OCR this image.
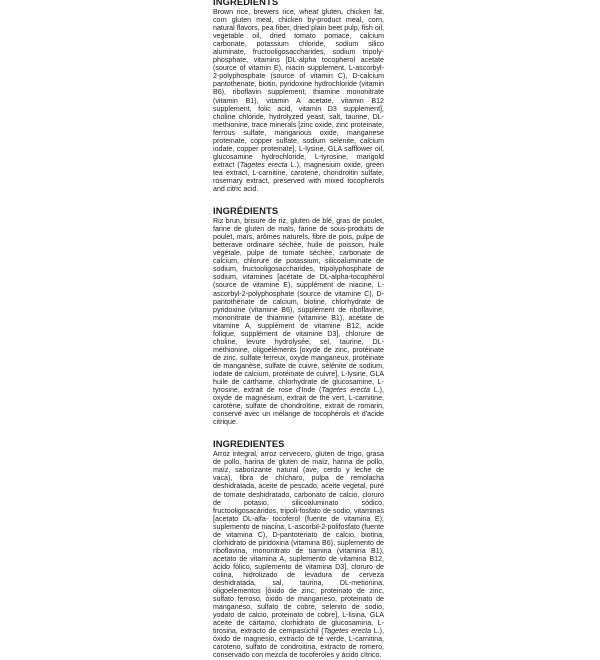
INGREDIENTS

Brown rice, brewers rice, wheat gluten, chicken fat, corn gluten meal, chicken by-product meal, corn, natural flavors, pea fiber, dried plain beet pulp, fish oil, vegetable oil, dried tomato pomace, calcium carbonate, potassium chloride, sodium silico aluminate, fructooligosaccharides, sodium tripoly-phosphate, vitamins [DL-alpha tocopherol acetate (source of vitamin E), niacin supplement, L-ascorbyl-2-polyphosphate (source of vitamin C), D-calcium pantothenate, biotin, pyridoxine hydrochloride (vitamin B6), riboflavin supplement, thiamine mononitrate (vitamin B1), vitamin A acetate, vitamin B12 supplement, folic acid, vitamin D3 supplement], choline chloride, hydrolyzed yeast, salt, taurine, DL-methionine, trace minerals [zinc oxide, zinc proteinate, ferrous sulfate, manganous oxide, manganese proteinate, copper sulfate, sodium selenite, calcium iodate, copper proteinate], L-lysine, GLA safflower oil, glucosamine hydrochloride, L-tyrosine, marigold extract (Tagetes erecta L.), magnesium oxide, green tea extract, L-carnitine, carotene, chondroitin sulfate, rosemary extract, preserved with mixed tocopherols and citric acid.

INGRÉDIENTS

Riz brun, brisure de riz, gluten de blé, gras de poulet, farine de gluten de maïs, farine de sous-produits de poulet, maïs, arômes naturels, fibre de pois, pulpe de betterave ordinaire séchée, huile de poisson, huile végétale, pulpe de tomate séchée, carbonate de calcium, chlorure de potassium, silicoaluminate de sodium, fructooligosaccharides, tripolyphosphate de sodium, vitamines [acétate de DL-alpha-tocophérol (source de vitamine E), supplément de niacine, L-ascorbyl-2-polyphosphate (source de vitamine C), D-pantothénate de calcium, biotine, chlorhydrate de pyridoxine (vitamine B6), supplément de riboflavine, mononitrate de thiamine (vitamine B1), acétate de vitamine A, supplément de vitamine B12, acide folique, supplément de vitamine D3], chlorure de choline, levure hydrolysée, sel, taurine, DL-méthionine, oligoéléments [oxyde de zinc, protéinate de zinc, sulfate ferreux, oxyde manganeux, protéinate de manganèse, sulfate de cuivre, sélénite de sodium, iodate de calcium, protéinate de cuivre], L-lysine, GLA huile de carthame, chlorhydrate de glucosamine, L-tyrosine, extrait de rose d'Inde (Tagetes erecta L.), oxyde de magnésium, extrait de thé vert, L-carnitine, carotène, sulfate de chondroïtine, extrait de romarin, conservé avec un mélange de tocophérols et d'acide citrique.

INGREDIENTES

Arroz integral, arroz cervecero, gluten de trigo, grasa de pollo, harina de gluten de maíz, harina de pollo, maíz, saborizante natural (ave, cerdo y leche de vaca), fibra de chícharo, pulpa de remolacha deshidratada, aceite de pescado, aceite vegetal, puré de tomate deshidratado, carbonato de calcio, cloruro de potasio, silicoaluminato sódico, fructooligosacáridos, tripoli-fosfato de sodio, vitaminas [acetato DL-alfa- tocoferol (fuente de vitamina E), suplemento de niacina, L-ascorbil-2-polifosfato (fuente de vitamina C), D-pantotenato de calcio, biotina, clorhidrato de piridoxina (vitamina B6), suplemento de riboflavina, mononitrato de tiamina (vitamina B1), acetato de vitamina A, suplemento de vitamina B12, ácido fólico, suplemento de vitamina D3], cloruro de colina, hidrolizado de levadura de cerveza deshidratada, sal, taurina, DL-metionina, oligoelementos [óxido de zinc, proteinato de zinc, sulfato ferroso, óxido de manganeso, proteinato de manganeso, sulfato de cobre, selenito de sodio, yodato de calcio, proteinato de cobre], L-lisina, GLA aceite de cártamo, clorhidrato de glucosamina, L-tirosina, extracto de cempasúchil (Tagetes erecta L.), óxido de magnesio, extracto de té verde, L-carnitina, caroteno, sulfato de condroitina, extracto de romero, conservado con mezcla de tocoferoles y ácido cítrico.
